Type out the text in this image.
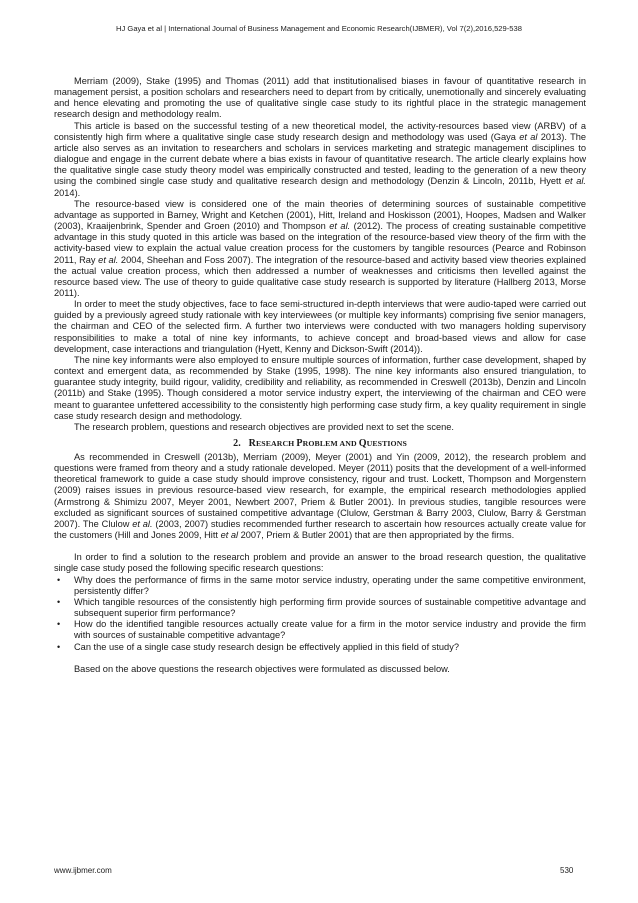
HJ Gaya et al | International Journal of Business Management and Economic Research(IJBMER), Vol 7(2),2016,529-538

Merriam (2009), Stake (1995) and Thomas (2011) add that institutionalised biases in favour of quantitative research in management persist, a position scholars and researchers need to depart from by critically, unemotionally and sincerely evaluating and hence elevating and promoting the use of qualitative single case study to its rightful place in the strategic management research design and methodology realm.

This article is based on the successful testing of a new theoretical model, the activity-resources based view (ARBV) of a consistently high firm where a qualitative single case study research design and methodology was used (Gaya et al 2013). The article also serves as an invitation to researchers and scholars in services marketing and strategic management disciplines to dialogue and engage in the current debate where a bias exists in favour of quantitative research. The article clearly explains how the qualitative single case study theory model was empirically constructed and tested, leading to the generation of a new theory using the combined single case study and qualitative research design and methodology (Denzin & Lincoln, 2011b, Hyett et al. 2014).

The resource-based view is considered one of the main theories of determining sources of sustainable competitive advantage as supported in Barney, Wright and Ketchen (2001), Hitt, Ireland and Hoskisson (2001), Hoopes, Madsen and Walker (2003), Kraaijenbrink, Spender and Groen (2010) and Thompson et al. (2012). The process of creating sustainable competitive advantage in this study quoted in this article was based on the integration of the resource-based view theory of the firm with the activity-based view to explain the actual value creation process for the customers by tangible resources (Pearce and Robinson 2011, Ray et al. 2004, Sheehan and Foss 2007). The integration of the resource-based and activity based view theories explained the actual value creation process, which then addressed a number of weaknesses and criticisms then levelled against the resource based view. The use of theory to guide qualitative case study research is supported by literature (Hallberg 2013, Morse 2011).

In order to meet the study objectives, face to face semi-structured in-depth interviews that were audio-taped were carried out guided by a previously agreed study rationale with key interviewees (or multiple key informants) comprising five senior managers, the chairman and CEO of the selected firm. A further two interviews were conducted with two managers holding supervisory responsibilities to make a total of nine key informants, to achieve concept and broad-based views and allow for case development, case interactions and triangulation (Hyett, Kenny and Dickson-Swift (2014)).

The nine key informants were also employed to ensure multiple sources of information, further case development, shaped by context and emergent data, as recommended by Stake (1995, 1998). The nine key informants also ensured triangulation, to guarantee study integrity, build rigour, validity, credibility and reliability, as recommended in Creswell (2013b), Denzin and Lincoln (2011b) and Stake (1995). Though considered a motor service industry expert, the interviewing of the chairman and CEO were meant to guarantee unfettered accessibility to the consistently high performing case study firm, a key quality requirement in single case study research design and methodology.

The research problem, questions and research objectives are provided next to set the scene.

2. RESEARCH PROBLEM AND QUESTIONS

As recommended in Creswell (2013b), Merriam (2009), Meyer (2001) and Yin (2009, 2012), the research problem and questions were framed from theory and a study rationale developed. Meyer (2011) posits that the development of a well-informed theoretical framework to guide a case study should improve consistency, rigour and trust. Lockett, Thompson and Morgenstern (2009) raises issues in previous resource-based view research, for example, the empirical research methodologies applied (Armstrong & Shimizu 2007, Meyer 2001, Newbert 2007, Priem & Butler 2001). In previous studies, tangible resources were excluded as significant sources of sustained competitive advantage (Clulow, Gerstman & Barry 2003, Clulow, Barry & Gerstman 2007). The Clulow et al. (2003, 2007) studies recommended further research to ascertain how resources actually create value for the customers (Hill and Jones 2009, Hitt et al 2007, Priem & Butler 2001) that are then appropriated by the firms.

In order to find a solution to the research problem and provide an answer to the broad research question, the qualitative single case study posed the following specific research questions:

• Why does the performance of firms in the same motor service industry, operating under the same competitive environment, persistently differ?
• Which tangible resources of the consistently high performing firm provide sources of sustainable competitive advantage and subsequent superior firm performance?
• How do the identified tangible resources actually create value for a firm in the motor service industry and provide the firm with sources of sustainable competitive advantage?
• Can the use of a single case study research design be effectively applied in this field of study?

Based on the above questions the research objectives were formulated as discussed below.

www.ijbmer.com	530
